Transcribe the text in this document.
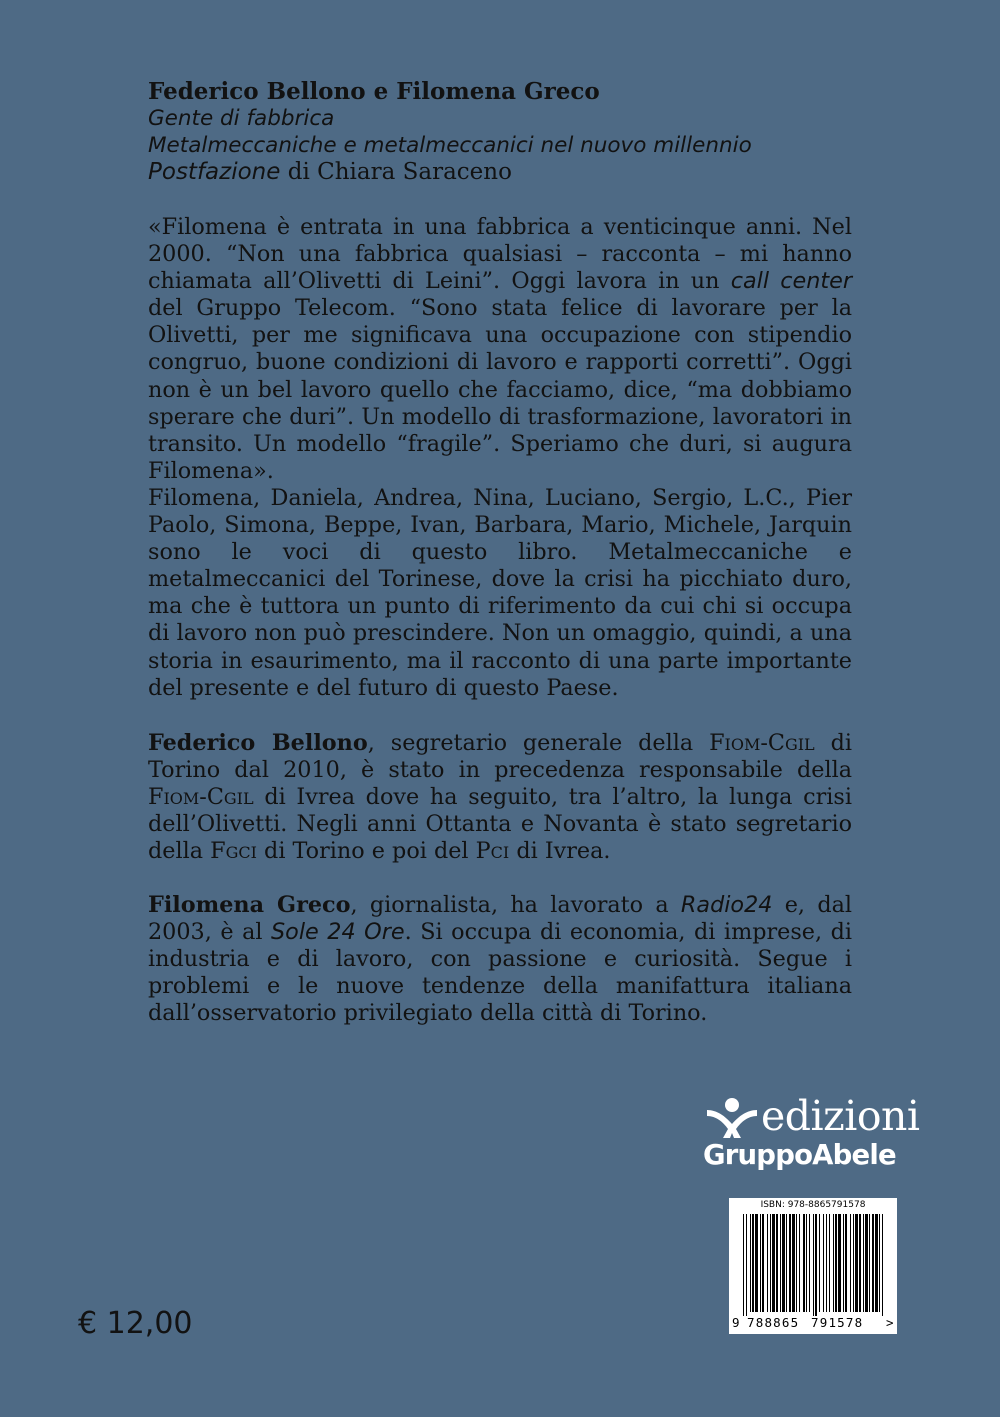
Federico Bellono e Filomena Greco
Gente di fabbrica
Metalmeccaniche e metalmeccanici nel nuovo millennio
Postfazione di Chiara Saraceno

«Filomena è entrata in una fabbrica a venticinque anni. Nel 2000. “Non una fabbrica qualsiasi – racconta – mi hanno chiamata all’Olivetti di Leini”. Oggi lavora in un call center del Gruppo Telecom. “Sono stata felice di lavorare per la Olivetti, per me significava una occupazione con stipendio congruo, buone condizioni di lavoro e rapporti corretti”. Oggi non è un bel lavoro quello che facciamo, dice, “ma dobbiamo sperare che duri”. Un modello di trasformazione, lavoratori in transito. Un modello “fragile”. Speriamo che duri, si augura Filomena».

Filomena, Daniela, Andrea, Nina, Luciano, Sergio, L.C., Pier Paolo, Simona, Beppe, Ivan, Barbara, Mario, Michele, Jarquin sono le voci di questo libro. Metalmeccaniche e metalmeccanici del Torinese, dove la crisi ha picchiato duro, ma che è tuttora un punto di riferimento da cui chi si occupa di lavoro non può prescindere. Non un omaggio, quindi, a una storia in esaurimento, ma il racconto di una parte importante del presente e del futuro di questo Paese.

Federico Bellono, segretario generale della Fiom-Cgil di Torino dal 2010, è stato in precedenza responsabile della Fiom-Cgil di Ivrea dove ha seguito, tra l’altro, la lunga crisi dell’Olivetti. Negli anni Ottanta e Novanta è stato segretario della Fgci di Torino e poi del Pci di Ivrea.

Filomena Greco, giornalista, ha lavorato a Radio24 e, dal 2003, è al Sole 24 Ore. Si occupa di economia, di imprese, di industria e di lavoro, con passione e curiosità. Segue i problemi e le nuove tendenze della manifattura italiana dall’osservatorio privilegiato della città di Torino.

edizioni
GruppoAbele
ISBN: 978-8865791578
9 788865 791578 >
€ 12,00
